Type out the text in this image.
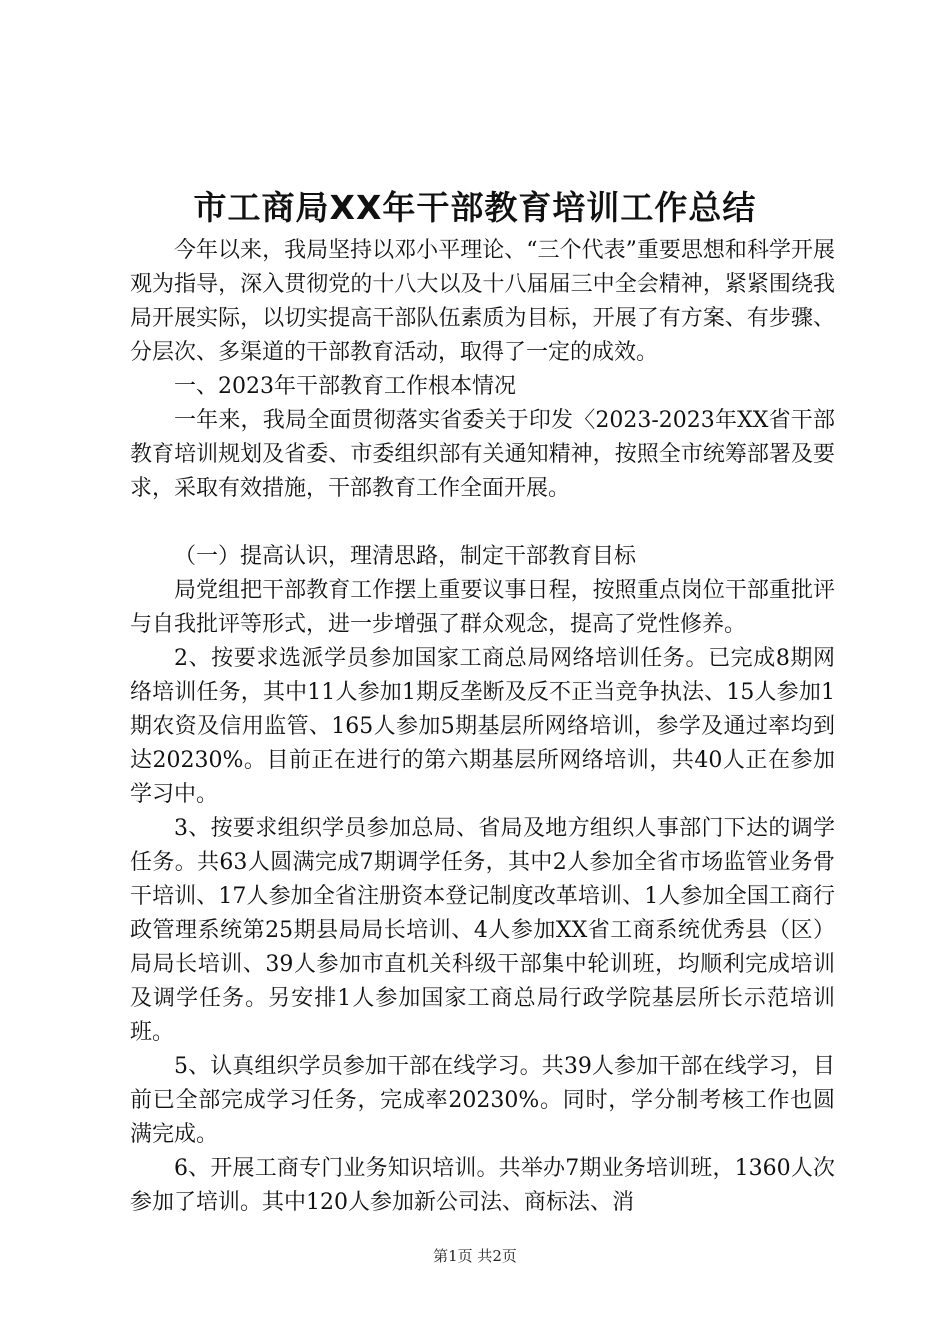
市工商局XX年干部教育培训工作总结

今年以来，我局坚持以邓小平理论、“三个代表”重要思想和科学开展观为指导，深入贯彻党的十八大以及十八届届三中全会精神，紧紧围绕我局开展实际，以切实提高干部队伍素质为目标，开展了有方案、有步骤、分层次、多渠道的干部教育活动，取得了一定的成效。

一、2023年干部教育工作根本情况

一年来，我局全面贯彻落实省委关于印发〈2023-2023年XX省干部教育培训规划及省委、市委组织部有关通知精神，按照全市统筹部署及要求，采取有效措施，干部教育工作全面开展。

（一）提高认识，理清思路，制定干部教育目标

局党组把干部教育工作摆上重要议事日程，按照重点岗位干部重批评与自我批评等形式，进一步增强了群众观念，提高了党性修养。

2、按要求选派学员参加国家工商总局网络培训任务。已完成8期网络培训任务，其中11人参加1期反垄断及反不正当竞争执法、15人参加1期农资及信用监管、165人参加5期基层所网络培训，参学及通过率均到达20230%。目前正在进行的第六期基层所网络培训，共40人正在参加学习中。

3、按要求组织学员参加总局、省局及地方组织人事部门下达的调学任务。共63人圆满完成7期调学任务，其中2人参加全省市场监管业务骨干培训、17人参加全省注册资本登记制度改革培训、1人参加全国工商行政管理系统第25期县局局长培训、4人参加XX省工商系统优秀县（区）局局长培训、39人参加市直机关科级干部集中轮训班，均顺利完成培训及调学任务。另安排1人参加国家工商总局行政学院基层所长示范培训班。

5、认真组织学员参加干部在线学习。共39人参加干部在线学习，目前已全部完成学习任务，完成率20230%。同时，学分制考核工作也圆满完成。

6、开展工商专门业务知识培训。共举办7期业务培训班，1360人次参加了培训。其中120人参加新公司法、商标法、消

第1页 共2页
